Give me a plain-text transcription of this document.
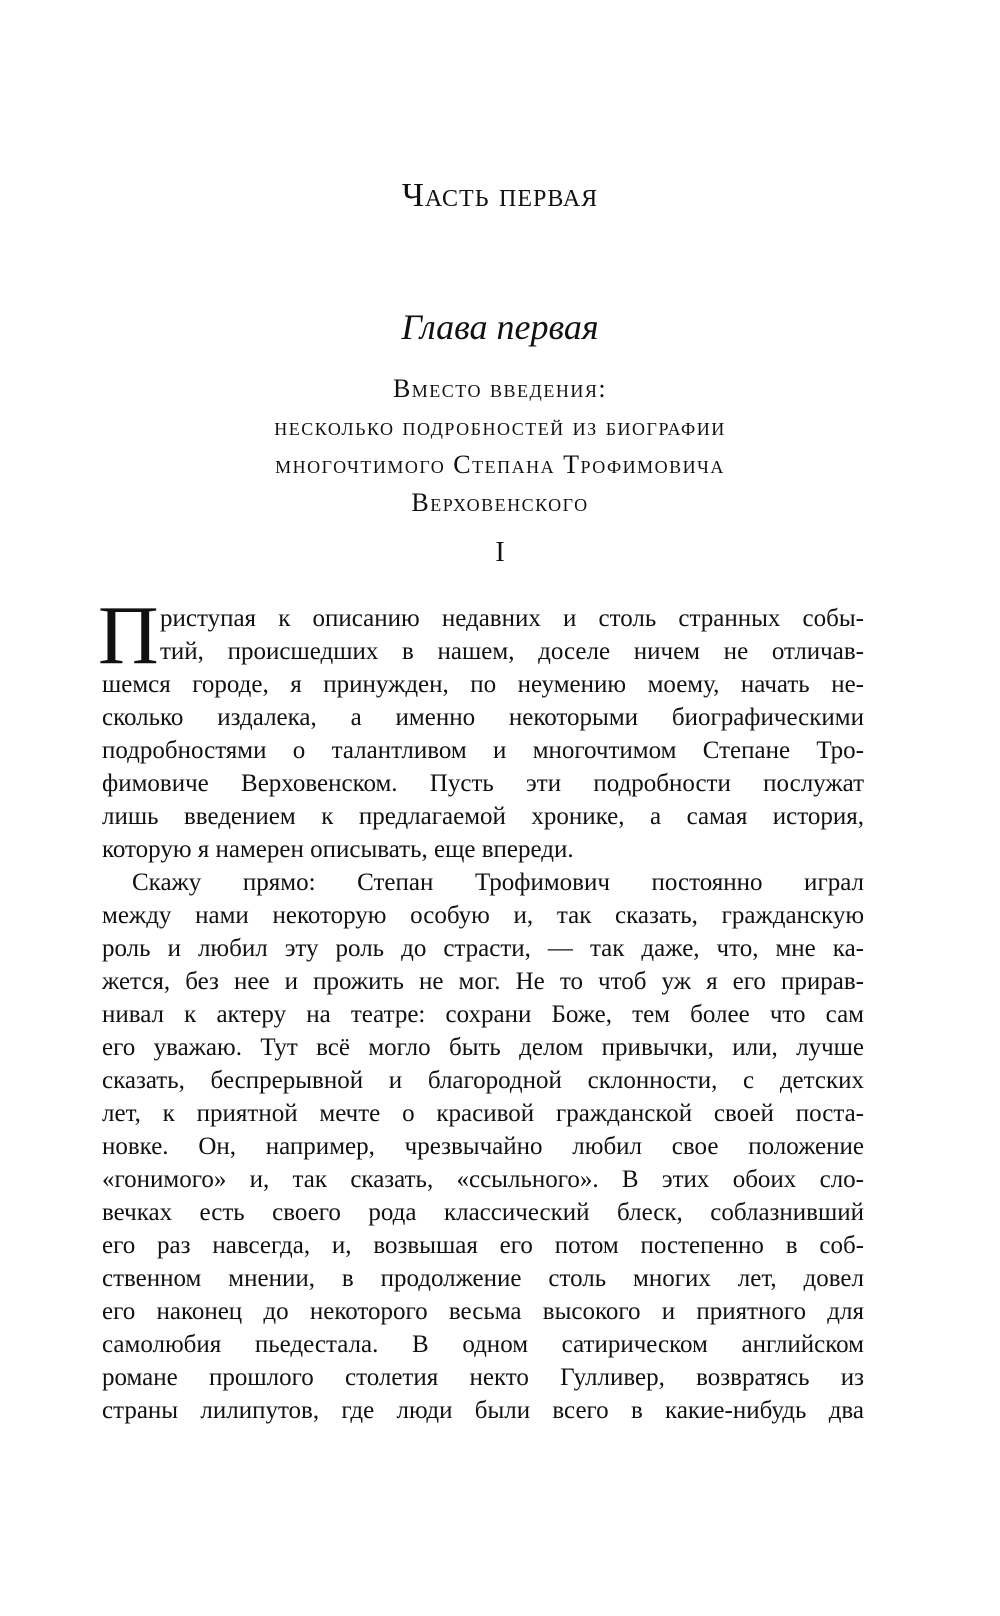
Часть первая
Глава первая
Вместо введения:
несколько подробностей из биографии
многочтимого Степана Трофимовича
Верховенского
I
П риступая к описанию недавних и столь странных собы-
тий, происшедших в нашем, доселе ничем не отличав-
шемся городе, я принужден, по неумению моему, начать не-
сколько издалека, а именно некоторыми биографическими
подробностями о талантливом и многочтимом Степане Тро-
фимовиче Верховенском. Пусть эти подробности послужат
лишь введением к предлагаемой хронике, а самая история,
которую я намерен описывать, еще впереди.
Скажу прямо: Степан Трофимович постоянно играл
между нами некоторую особую и, так сказать, гражданскую
роль и любил эту роль до страсти, — так даже, что, мне ка-
жется, без нее и прожить не мог. Не то чтоб уж я его прирав-
нивал к актеру на театре: сохрани Боже, тем более что сам
его уважаю. Тут всё могло быть делом привычки, или, лучше
сказать, беспрерывной и благородной склонности, с детских
лет, к приятной мечте о красивой гражданской своей поста-
новке. Он, например, чрезвычайно любил свое положение
«гонимого» и, так сказать, «ссыльного». В этих обоих сло-
вечках есть своего рода классический блеск, соблазнивший
его раз навсегда, и, возвышая его потом постепенно в соб-
ственном мнении, в продолжение столь многих лет, довел
его наконец до некоторого весьма высокого и приятного для
самолюбия пьедестала. В одном сатирическом английском
романе прошлого столетия некто Гулливер, возвратясь из
страны лилипутов, где люди были всего в какие-нибудь два
